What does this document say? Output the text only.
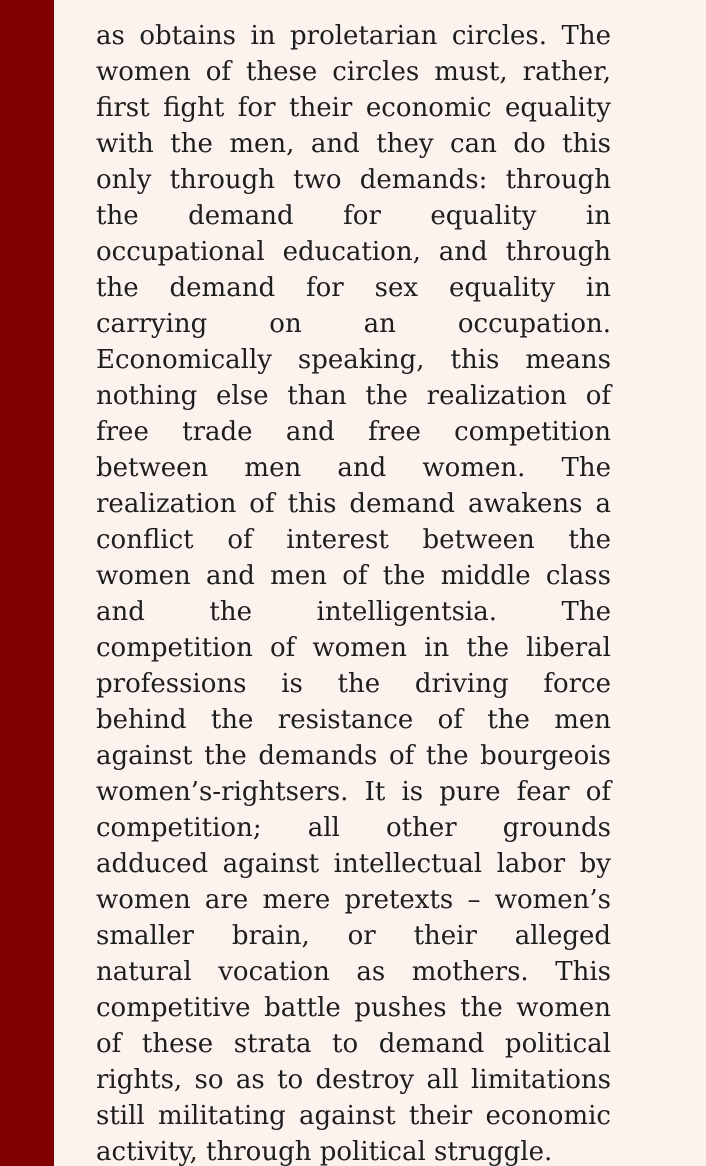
as obtains in proletarian circles. The
women of these circles must, rather,
first fight for their economic equality
with the men, and they can do this
only through two demands: through
the demand for equality in
occupational education, and through
the demand for sex equality in
carrying on an occupation.
Economically speaking, this means
nothing else than the realization of
free trade and free competition
between men and women. The
realization of this demand awakens a
conflict of interest between the
women and men of the middle class
and the intelligentsia. The
competition of women in the liberal
professions is the driving force
behind the resistance of the men
against the demands of the bourgeois
women’s-rightsers. It is pure fear of
competition; all other grounds
adduced against intellectual labor by
women are mere pretexts – women’s
smaller brain, or their alleged
natural vocation as mothers. This
competitive battle pushes the women
of these strata to demand political
rights, so as to destroy all limitations
still militating against their economic
activity, through political struggle.
